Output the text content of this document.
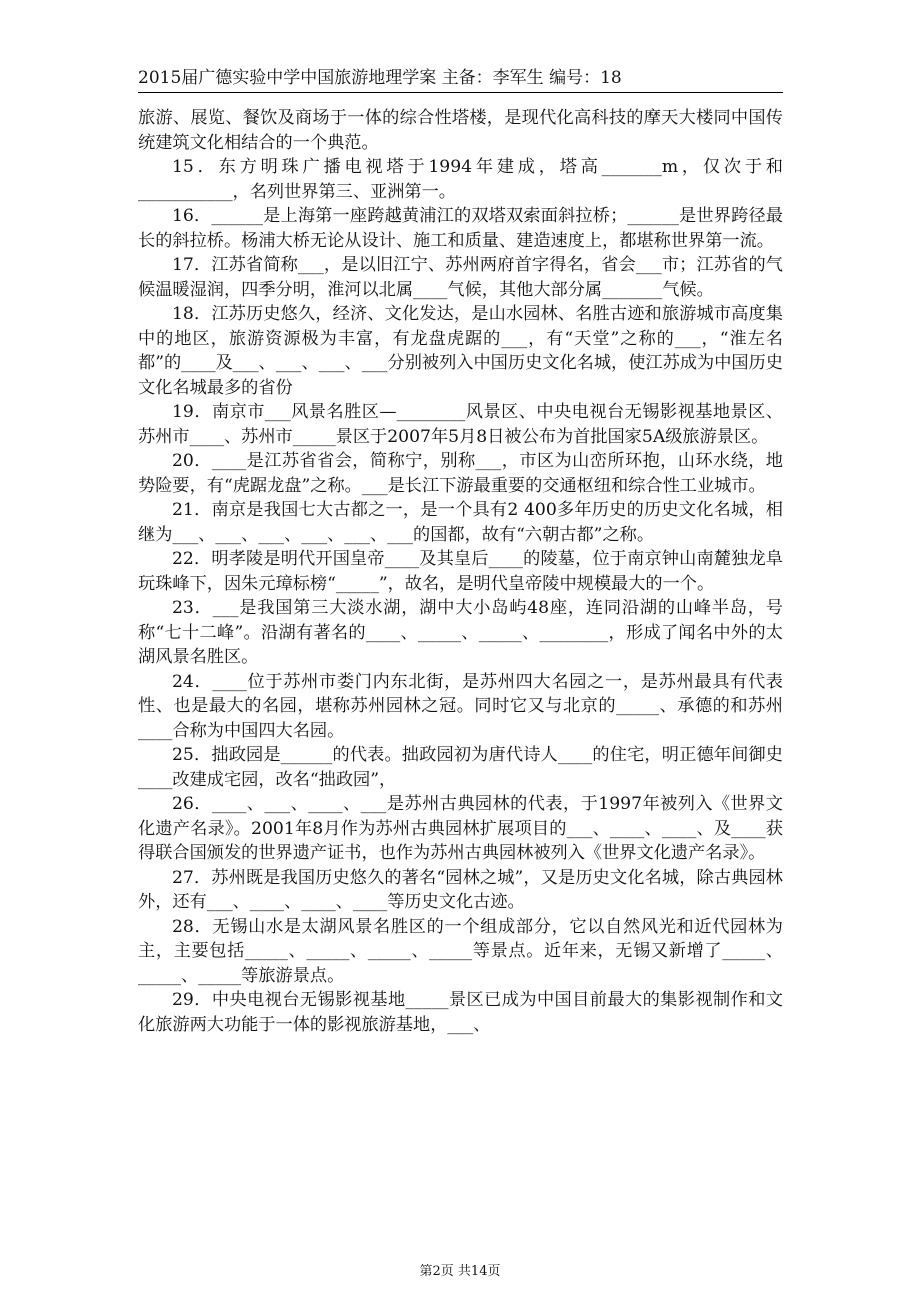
2015届广德实验中学中国旅游地理学案 主备：李军生 编号：18

旅游、展览、餐饮及商场于一体的综合性塔楼，是现代化高科技的摩天大楼同中国传统建筑文化相结合的一个典范。

15．东方明珠广播电视塔于1994年建成，塔高_______m，仅次于和___________，名列世界第三、亚洲第一。

16．______是上海第一座跨越黄浦江的双塔双索面斜拉桥；______是世界跨径最长的斜拉桥。杨浦大桥无论从设计、施工和质量、建造速度上，都堪称世界第一流。

17．江苏省简称___，是以旧江宁、苏州两府首字得名，省会___市；江苏省的气候温暖湿润，四季分明，淮河以北属____气候，其他大部分属_______气候。

18．江苏历史悠久，经济、文化发达，是山水园林、名胜古迹和旅游城市高度集中的地区，旅游资源极为丰富，有龙盘虎踞的___，有“天堂”之称的___，“淮左名都”的____及___、___、___、___分别被列入中国历史文化名城，使江苏成为中国历史文化名城最多的省份

19．南京市___风景名胜区—________风景区、中央电视台无锡影视基地景区、苏州市____、苏州市_____景区于2007年5月8日被公布为首批国家5A级旅游景区。

20．____是江苏省省会，简称宁，别称___，市区为山峦所环抱，山环水绕，地势险要，有“虎踞龙盘”之称。___是长江下游最重要的交通枢纽和综合性工业城市。

21．南京是我国七大古都之一，是一个具有2 400多年历史的历史文化名城，相继为___、___、___、___、___、___的国都，故有“六朝古都”之称。

22．明孝陵是明代开国皇帝____及其皇后____的陵墓，位于南京钟山南麓独龙阜玩珠峰下，因朱元璋标榜“_____”，故名，是明代皇帝陵中规模最大的一个。

23．___是我国第三大淡水湖，湖中大小岛屿48座，连同沿湖的山峰半岛，号称“七十二峰”。沿湖有著名的____、_____、_____、________，形成了闻名中外的太湖风景名胜区。

24．____位于苏州市娄门内东北街，是苏州四大名园之一，是苏州最具有代表性、也是最大的名园，堪称苏州园林之冠。同时它又与北京的_____、承德的和苏州____合称为中国四大名园。

25．拙政园是______的代表。拙政园初为唐代诗人____的住宅，明正德年间御史____改建成宅园，改名“拙政园”，

26．____、___、____、___是苏州古典园林的代表，于1997年被列入《世界文化遗产名录》。2001年8月作为苏州古典园林扩展项目的___、____、____、及____获得联合国颁发的世界遗产证书，也作为苏州古典园林被列入《世界文化遗产名录》。

27．苏州既是我国历史悠久的著名“园林之城”，又是历史文化名城，除古典园林外，还有___、____、____、____等历史文化古迹。

28．无锡山水是太湖风景名胜区的一个组成部分，它以自然风光和近代园林为主，主要包括_____、_____、_____、_____等景点。近年来，无锡又新增了_____、_____、_____等旅游景点。

29．中央电视台无锡影视基地_____景区已成为中国目前最大的集影视制作和文化旅游两大功能于一体的影视旅游基地，___、

第2页 共14页
